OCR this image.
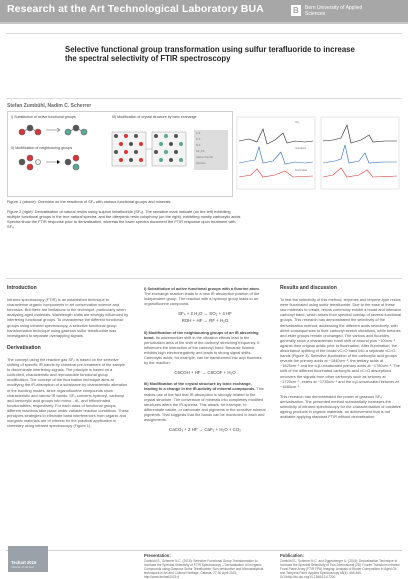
Research at the Art Technological Laboratory BUA	B Bern University of Applied Sciences
Selective functional group transformation using sulfur terafluoride to increase the spectral selectivity of FTIR spectroscopy
Stefan Zumbühl, Nadim C. Scherrer
I) Substitution of active functional groups
II) Modification of neighbouring groups
III) Modification of crystal structure by ionic exchange
C-F
O-F
N-F
SF₄ Pb
carbon fluoride
fluorides
SF₄
untreated
fluorinated
Figure 1 (above): Overview on the reactions of SF₄ with various functional groups and minerals.
Figure 2 (right): Derivatisation of natural resins using sulphur tetrafluoride (SF₄). The sensitive mark indicate (on the left) exhibiting multiple functional groups in the true natural spectra, and the diterpenic resin colophony (on the right), exhibiting mostly carboxylic acids. Spectra show the FTIR response prior to derivatisation, whereas the lower spectra document the FTIR response upon treatment with SF₄.
Introduction

Infrared spectroscopy (FTIR) is an established technique to characterise organic components in art conservation science and forensics. But there are limitations to the technique, particularly when analysing aged materials. Wavelength shifts are strongly influenced by interfering functional groups. To characterise the different functional groups using infrared spectroscopy, a selective functional group transformation technique using gaseous sulfur tetrafluoride was investigated to separate overlapping signals.

Derivatisation

The concept using the reactive gas SF₄ is based on the selective shifting of specific IR-bands by chemical pre-treatment of the sample to discriminate interfering signals. The principle is based on a controlled, characteristic and reproducible functional group modification. The concept of the fluorination technique aims at modifying the IR-absorption of a substance by characteristic alteration of the bonding modes, since organofluorine compounds show characteristic and narrow IR bands. SF₄ converts hydroxyl, carbonyl and carboxylic acid groups into mono-, di-, and trifluorinated functionalities, respectively. For each class of functional groups, different reactions take place under variable reaction conditions. These principles strategies to eliminate band interferences from organic and inorganic materials are of interest for the practical application in chemistry using infrared spectroscopy (Figure 1).

I) Substitution of active functional groups with a fluorine atom. The exchange reaction leads to a new IR absorption position of the independent group. The reaction with a hydroxyl group leads to an organofluorine compound.

SF₄ + 2 H₂O → SO₂ + 4 HF
ROH + HF → RF + H₂O

II) Modification of the neighbouring groups of an IR absorbing bond. Its wavenumber shift in the vibration effects lead to the perturbation area of the shift of the carbonyl stretching frequency. It influences the interaction of the carbonyl band. Because fluorine exhibits high electronegativity and leads to strong signal shifts. Carboxylic acids, for example, can be transformed into acyl fluorides by the reaction:

C6COH + HF → C6COF + H₂O

III) Modification of the crystal structure by ionic exchange, leading to a change in the IR-activity of mineral compounds. This makes use of the fact that IR-absorption is strongly related to the crystal structure. The conversion of minerals into completely modified structures alters the IR-spectra. This allows, for example, to differentiate calcite, or carbonate and pigments in the sensitive mineral pigments. That suggests that the bands can be monitored in each and assignments.

CaCO₃ + 2 HF → CaF₂ + H₂O + CO₂
Results and discussion

To test the selectivity of this method, terpenes and terpene-type resins were fluorinated using sulfur tetrafluoride. Due to the ease of these raw materials to create, resins commonly exhibit a broad and intensive carbonyl band, which arises from spectral overlap of several functional groups. This research has demonstrated the selectivity of the derivatisation method, addressing the different acids selectively, with direct consequences to their carbonyl stretch vibrations, while ketones and ester groups remain unchanged. The various acid fluorides generally show a characteristic band shift of around plus ~100cm⁻¹ against their original acidic prior to fluorination. After fluorination, the absorbance splitting of the broad νC=O band into a separate νC=O-bands (Figure 3). Selective fluorination of the carboxylic acid groups reveals the primary acids at ~1840cm⁻¹, the tertiary acids at ~1825cm⁻¹ and the α,β-unsaturated primary acids at ~1780cm⁻¹. The shift of the different fluorinated carboxylic acid νC=O absorptions uncovers the signals from other carbonyls such as ketones at ~1720cm⁻¹, esters at ~1735cm⁻¹ and the α,β-unsaturated ketones at ~1680cm⁻¹.

This research has demonstrated the power of gaseous SF₄ derivatisation. The presented method substantially increases the selectivity of infrared spectroscopy for the characterisation of oxidative ageing products in organic materials, an achievement that is not available applying standard FTIR without derivatisation.

Techart 2015
Catania, 27-30 April
Presentation:
Zumbühl S., Scherrer N.C. (2015): Selective Functional Group Transformation to Increase the Spectral Selectivity of FTIR Spectroscopy – Derivatisation of Inorganic Compounds using Gaseous Sulfur Tetrafluoride; Non-destructive and Microanalytical techniques in Art and Cultural Heritage, Catania, 27-30 April 2015, http://www.techart2015.it
Publication:
Zumbühl S., Scherrer N.C. and Eggenberger U. (2014): Derivatisation Technique to Increase the Spectral Selectivity of Two-Dimensional (2D) Fourier Transform Infrared Focal Plane Array (FTIR FPA) Imaging: Analysis of Binder Composition in Aged Oil and Tempera Paint. Applied Spectroscopy 68(4), 458-465, DOI:http://dx.doi.org/10.1366/13-07200
